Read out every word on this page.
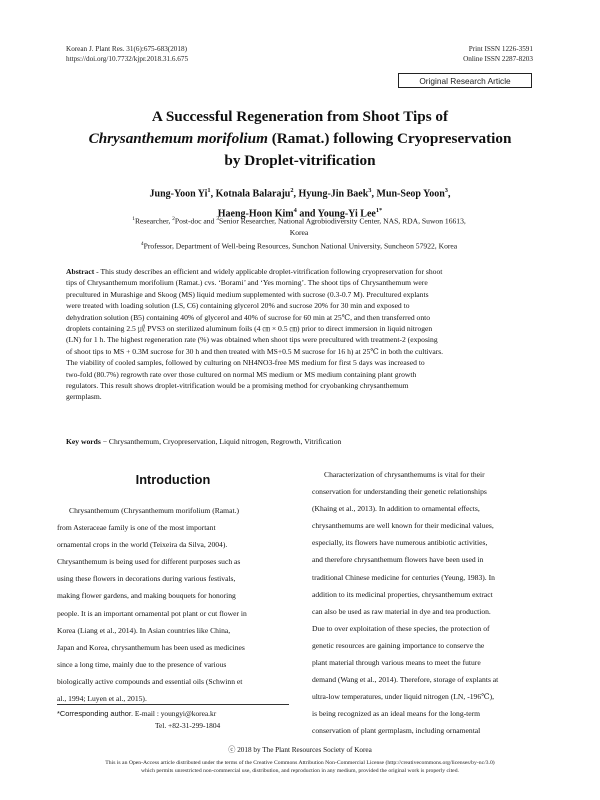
Korean J. Plant Res. 31(6):675-683(2018)
https://doi.org/10.7732/kjpr.2018.31.6.675
Print ISSN 1226-3591
Online ISSN 2287-8203
Original Research Article
A Successful Regeneration from Shoot Tips of
Chrysanthemum morifolium (Ramat.) following Cryopreservation
by Droplet-vitrification
Jung-Yoon Yi$^1$, Kotnala Balaraju$^2$, Hyung-Jin Baek$^3$, Mun-Seop Yoon$^3$,
Haeng-Hoon Kim$^4$ and Young-Yi Lee$^{1*}$
$^1$Researcher, $^2$Post-doc and $^3$Senior Researcher, National Agrobiodiversity Center, NAS, RDA, Suwon 16613,
Korea
$^4$Professor, Department of Well-being Resources, Sunchon National University, Suncheon 57922, Korea
Abstract - This study describes an efficient and widely applicable droplet-vitrification following cryopreservation for shoot
tips of Chrysanthemum morifolium (Ramat.) cvs. ‘Borami’ and ‘Yes morning’. The shoot tips of Chrysanthemum were
precultured in Murashige and Skoog (MS) liquid medium supplemented with sucrose (0.3-0.7 M). Precultured explants
were treated with loading solution (LS, C6) containing glycerol 20% and sucrose 20% for 30 min and exposed to
dehydration solution (B5) containing 40% of glycerol and 40% of sucrose for 60 min at 25℃, and then transferred onto
droplets containing 2.5 ㎕ PVS3 on sterilized aluminum foils (4 ㎝ × 0.5 ㎝) prior to direct immersion in liquid nitrogen
(LN) for 1 h. The highest regeneration rate (%) was obtained when shoot tips were precultured with treatment-2 (exposing
of shoot tips to MS + 0.3M sucrose for 30 h and then treated with MS+0.5 M sucrose for 16 h) at 25℃ in both the cultivars.
The viability of cooled samples, followed by culturing on NH4NO3-free MS medium for first 5 days was increased to
two-fold (80.7%) regrowth rate over those cultured on normal MS medium or MS medium containing plant growth
regulators. This result shows droplet-vitrification would be a promising method for cryobanking chrysanthemum
germplasm.
Key words − Chrysanthemum, Cryopreservation, Liquid nitrogen, Regrowth, Vitrification
Introduction
Chrysanthemum (Chrysanthemum morifolium (Ramat.)
from Asteraceae family is one of the most important
ornamental crops in the world (Teixeira da Silva, 2004).
Chrysanthemum is being used for different purposes such as
using these flowers in decorations during various festivals,
making flower gardens, and making bouquets for honoring
people. It is an important ornamental pot plant or cut flower in
Korea (Liang et al., 2014). In Asian countries like China,
Japan and Korea, chrysanthemum has been used as medicines
since a long time, mainly due to the presence of various
biologically active compounds and essential oils (Schwinn et
al., 1994; Luyen et al., 2015).
Characterization of chrysanthemums is vital for their
conservation for understanding their genetic relationships
(Khaing et al., 2013). In addition to ornamental effects,
chrysanthemums are well known for their medicinal values,
especially, its flowers have numerous antibiotic activities,
and therefore chrysanthemum flowers have been used in
traditional Chinese medicine for centuries (Yeung, 1983). In
addition to its medicinal properties, chrysanthemum extract
can also be used as raw material in dye and tea production.
Due to over exploitation of these species, the protection of
genetic resources are gaining importance to conserve the
plant material through various means to meet the future
demand (Wang et al., 2014). Therefore, storage of explants at
ultra-low temperatures, under liquid nitrogen (LN, -196℃),
is being recognized as an ideal means for the long-term
conservation of plant germplasm, including ornamental
*Corresponding author. E-mail : youngyi@korea.kr
Tel. +82-31-299-1804
ⓒ 2018 by The Plant Resources Society of Korea
This is an Open-Access article distributed under the terms of the Creative Commons Attribution Non-Commercial License (http://creativecommons.org/licenses/by-nc/3.0)
which permits unrestricted non-commercial use, distribution, and reproduction in any medium, provided the original work is properly cited.
